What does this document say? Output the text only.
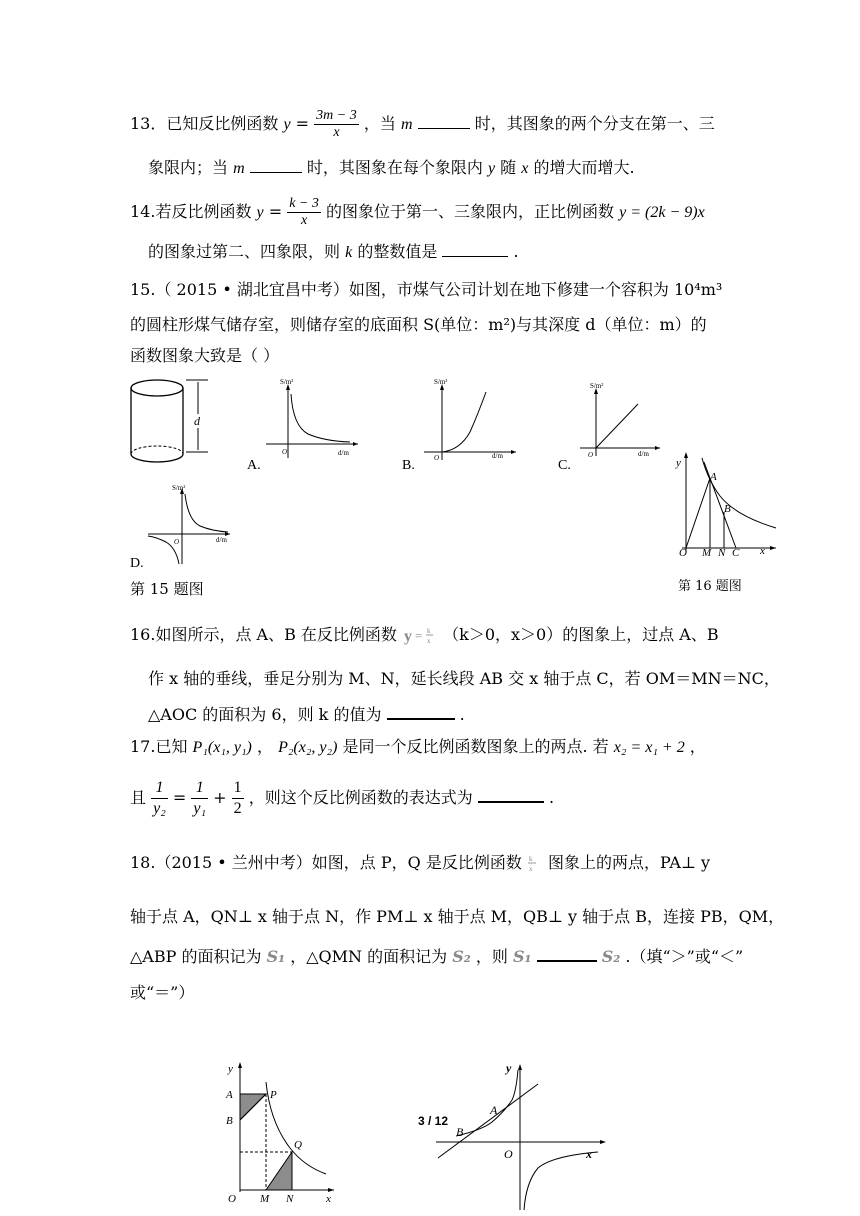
13．已知反比例函数 $y = \frac{3m - 3}{x}$ ，当 m	时，其图象的两个分支在第一、三
象限内；当 m	时，其图象在每个象限内 y 随 x 的增大而增大.
14.若反比例函数 $y = \frac{k - 3}{x}$ 的图象位于第一、三象限内，正比例函数 y = (2k − 9)x
的图象过第二、四象限，则 k 的整数值是	.
15.（ 2015 • 湖北宜昌中考）如图，市煤气公司计划在地下修建一个容积为 10⁴m³
的圆柱形煤气储存室，则储存室的底面积 S(单位：m²)与其深度 d（单位：m）的
函数图象大致是（ ）
d
S/m²
d/m
O
A.
S/m²
d/m
O
B.
S/m²
d/m
O
C.
S/m²
d/m
O
D.
第 15 题图
y
A
B
O M N C x
第 16 题图
16.如图所示，点 A、B 在反比例函数 y = k
x （k＞0，x＞0）的图象上，过点 A、B
作 x 轴的垂线，垂足分别为 M、N，延长线段 AB 交 x 轴于点 C，若 OM＝MN＝NC，
△AOC 的面积为 6，则 k 的值为	.
17.已知 P₁(x₁, y₁) ， P₂(x₂, y₂) 是同一个反比例函数图象上的两点. 若 x₂ = x₁ + 2 ，
且 $\frac{1}{\text{y₂}} = \frac{1}{\text{y₁}} + \frac{1}{2}$ ，则这个反比例函数的表达式为	.
18.（2015 • 兰州中考）如图，点 P，Q 是反比例函数 k
x 图象上的两点，PA⊥ y
轴于点 A，QN⊥ x 轴于点 N，作 PM⊥ x 轴于点 M，QB⊥ y 轴于点 B，连接 PB，QM，
△ABP 的面积记为 S₁ ，△QMN 的面积记为 S₂ ，则 S₁	S₂ .（填“＞”或“＜”
或“＝”）
y
A	P
B
Q
O M N	x
y
A
B
O	x
3 / 12
